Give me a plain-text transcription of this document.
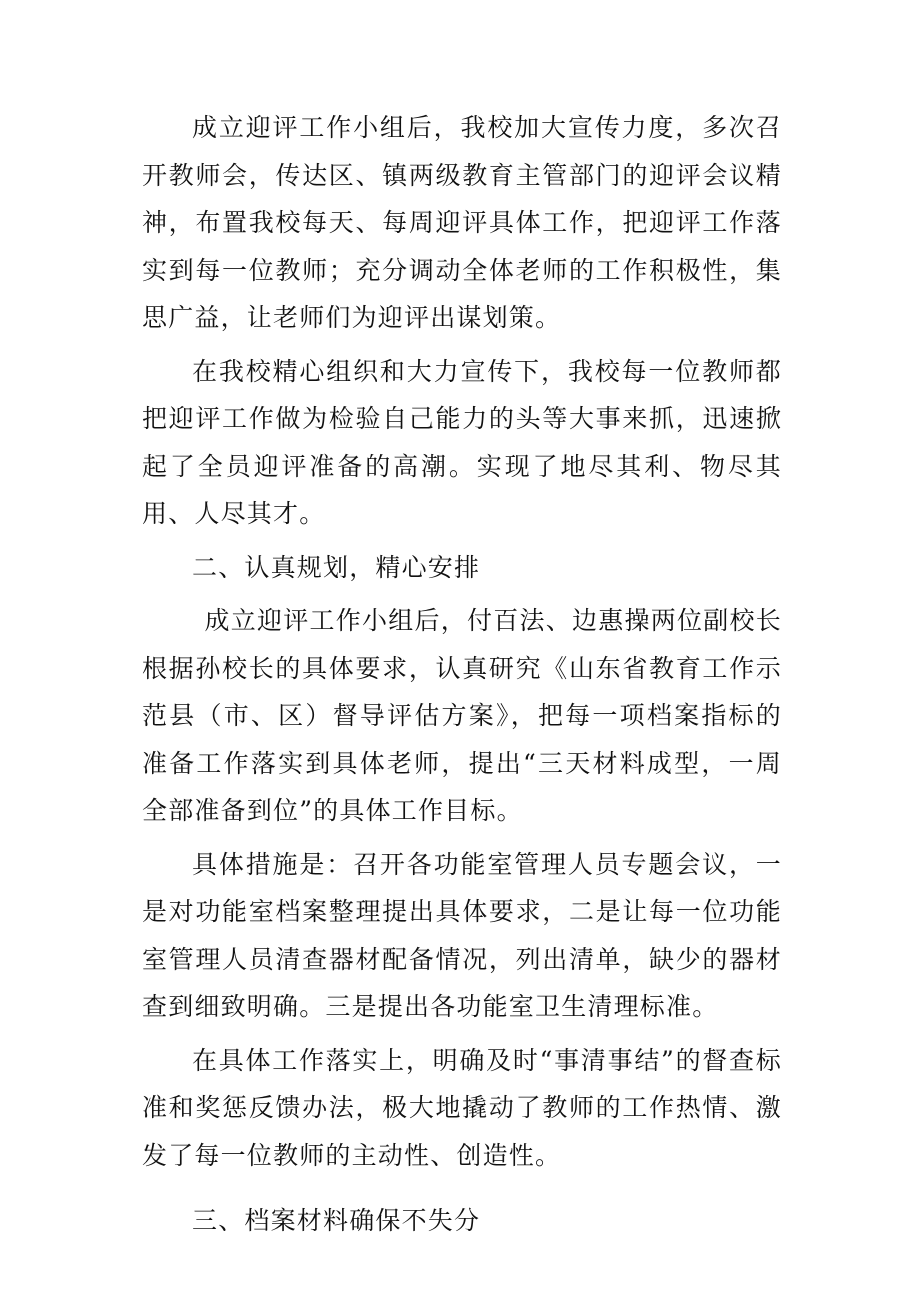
成立迎评工作小组后，我校加大宣传力度，多次召开教师会，传达区、镇两级教育主管部门的迎评会议精神，布置我校每天、每周迎评具体工作，把迎评工作落实到每一位教师；充分调动全体老师的工作积极性，集思广益，让老师们为迎评出谋划策。

在我校精心组织和大力宣传下，我校每一位教师都把迎评工作做为检验自己能力的头等大事来抓，迅速掀起了全员迎评准备的高潮。实现了地尽其利、物尽其用、人尽其才。

二、认真规划，精心安排

成立迎评工作小组后，付百法、边惠操两位副校长根据孙校长的具体要求，认真研究《山东省教育工作示范县（市、区）督导评估方案》，把每一项档案指标的准备工作落实到具体老师，提出“三天材料成型，一周全部准备到位”的具体工作目标。

具体措施是：召开各功能室管理人员专题会议，一是对功能室档案整理提出具体要求，二是让每一位功能室管理人员清查器材配备情况，列出清单，缺少的器材查到细致明确。三是提出各功能室卫生清理标准。

在具体工作落实上，明确及时“事清事结”的督查标准和奖惩反馈办法，极大地撬动了教师的工作热情、激发了每一位教师的主动性、创造性。

三、档案材料确保不失分
